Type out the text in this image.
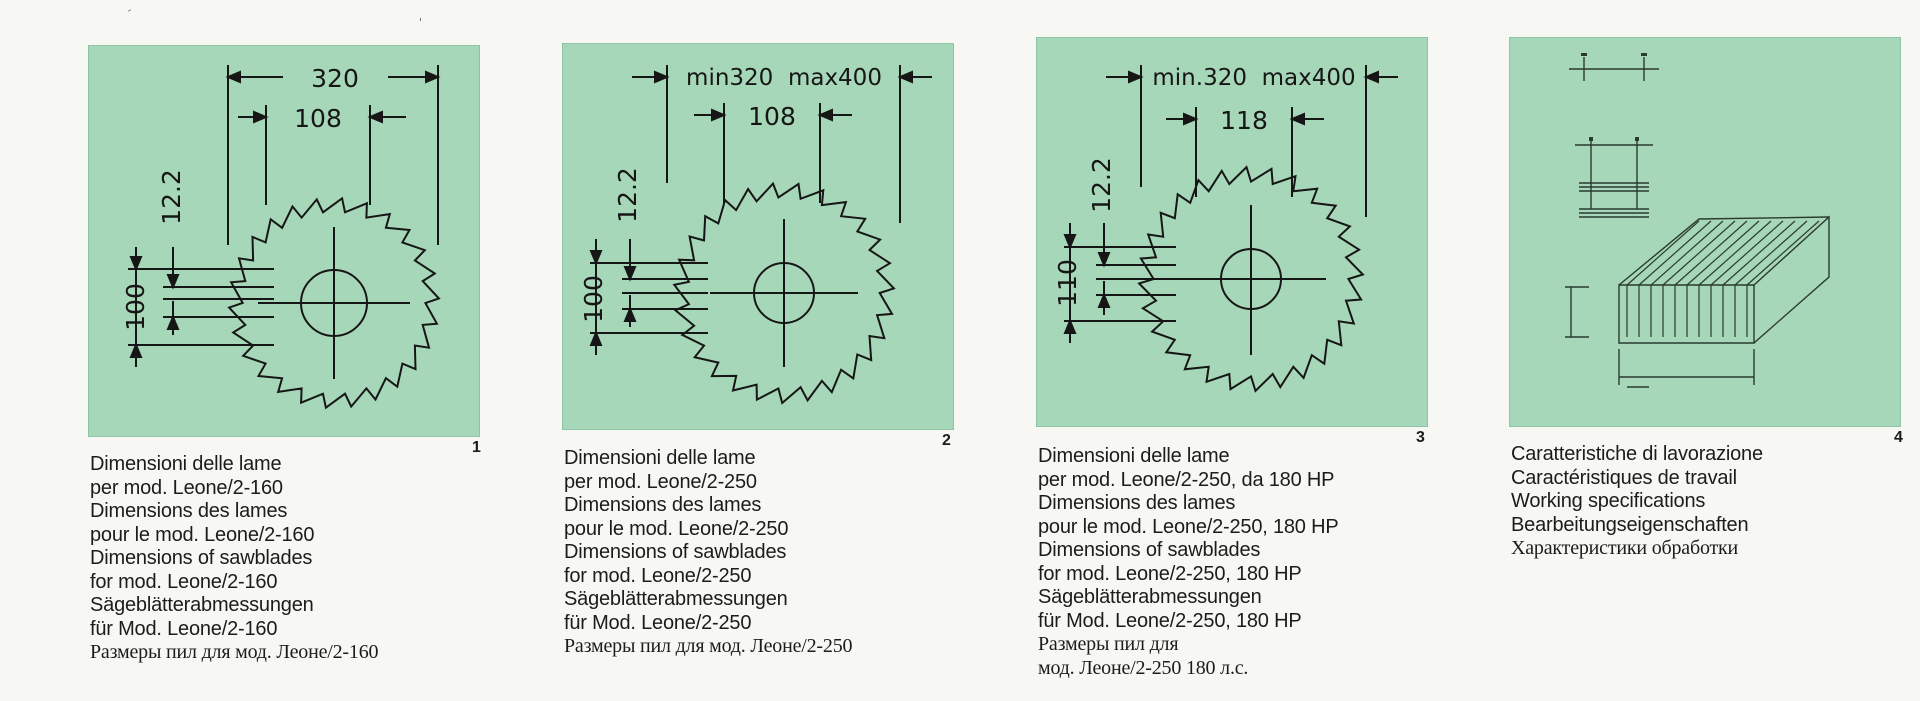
320
108
12.2
100
1
Dimensioni delle lame
per mod. Leone/2-160
Dimensions des lames
pour le mod. Leone/2-160
Dimensions of sawblades
for mod. Leone/2-160
Sägeblätterabmessungen
für Mod. Leone/2-160
Размеры пил для мод. Леоне/2-160
min320  max400
108
12.2
100
2
Dimensioni delle lame
per mod. Leone/2-250
Dimensions des lames
pour le mod. Leone/2-250
Dimensions of sawblades
for mod. Leone/2-250
Sägeblätterabmessungen
für Mod. Leone/2-250
Размеры пил для мод. Леоне/2-250
min.320  max400
118
12.2
110
3
Dimensioni delle lame
per mod. Leone/2-250, da 180 HP
Dimensions des lames
pour le mod. Leone/2-250, 180 HP
Dimensions of sawblades
for mod. Leone/2-250, 180 HP
Sägeblätterabmessungen
für Mod. Leone/2-250, 180 HP
Размеры пил для
мод. Леоне/2-250 180 л.с.
4
Caratteristiche di lavorazione
Caractéristiques de travail
Working specifications
Bearbeitungseigenschaften
Характеристики обработки
